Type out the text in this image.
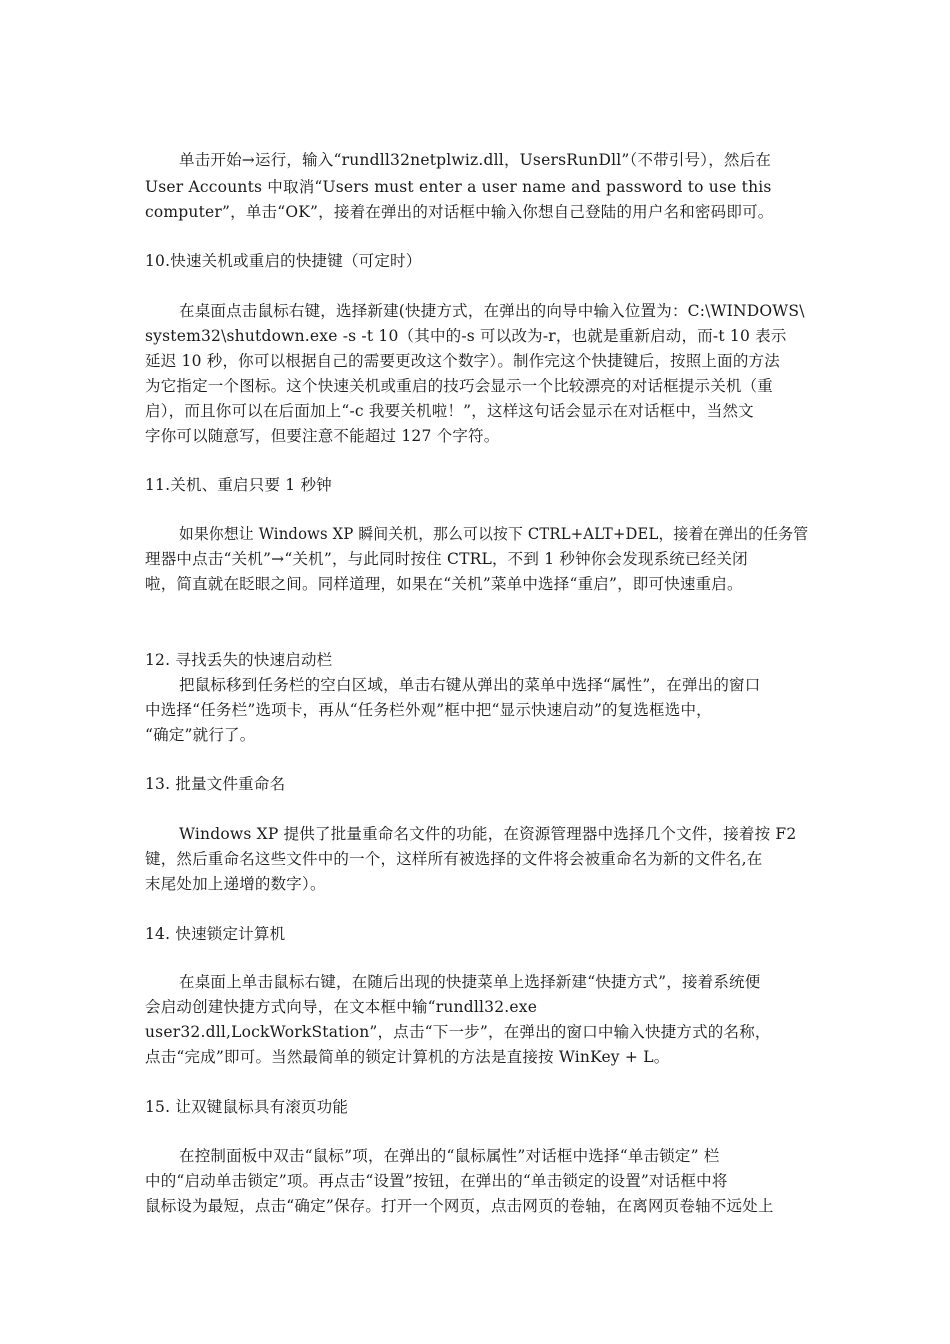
单击开始→运行，输入“rundll32netplwiz.dll，UsersRunDll”（不带引号），然后在
User Accounts 中取消“Users must enter a user name and password to use this
computer”，单击“OK”，接着在弹出的对话框中输入你想自己登陆的用户名和密码即可。
10.快速关机或重启的快捷键（可定时）
在桌面点击鼠标右键，选择新建(快捷方式，在弹出的向导中输入位置为：C:\WINDOWS\
system32\shutdown.exe -s -t 10（其中的-s 可以改为-r，也就是重新启动，而-t 10 表示
延迟 10 秒，你可以根据自己的需要更改这个数字）。制作完这个快捷键后，按照上面的方法
为它指定一个图标。这个快速关机或重启的技巧会显示一个比较漂亮的对话框提示关机（重
启），而且你可以在后面加上“-c 我要关机啦！”，这样这句话会显示在对话框中，当然文
字你可以随意写，但要注意不能超过 127 个字符。
11.关机、重启只要 1 秒钟
如果你想让 Windows XP 瞬间关机，那么可以按下 CTRL+ALT+DEL，接着在弹出的任务管
理器中点击“关机”→“关机”，与此同时按住 CTRL，不到 1 秒钟你会发现系统已经关闭
啦，简直就在眨眼之间。同样道理，如果在“关机”菜单中选择“重启”，即可快速重启。
12. 寻找丢失的快速启动栏
把鼠标移到任务栏的空白区域，单击右键从弹出的菜单中选择“属性”，在弹出的窗口
中选择“任务栏”选项卡，再从“任务栏外观”框中把“显示快速启动”的复选框选中，
“确定”就行了。
13. 批量文件重命名
Windows XP 提供了批量重命名文件的功能，在资源管理器中选择几个文件，接着按 F2
键，然后重命名这些文件中的一个，这样所有被选择的文件将会被重命名为新的文件名,在
末尾处加上递增的数字）。
14. 快速锁定计算机
在桌面上单击鼠标右键，在随后出现的快捷菜单上选择新建“快捷方式”，接着系统便
会启动创建快捷方式向导，在文本框中输“rundll32.exe
user32.dll,LockWorkStation”，点击“下一步”，在弹出的窗口中输入快捷方式的名称，
点击“完成”即可。当然最简单的锁定计算机的方法是直接按 WinKey + L。
15. 让双键鼠标具有滚页功能
在控制面板中双击“鼠标”项，在弹出的“鼠标属性”对话框中选择“单击锁定” 栏
中的“启动单击锁定”项。再点击“设置”按钮，在弹出的“单击锁定的设置”对话框中将
鼠标设为最短，点击“确定”保存。打开一个网页，点击网页的卷轴，在离网页卷轴不远处上
